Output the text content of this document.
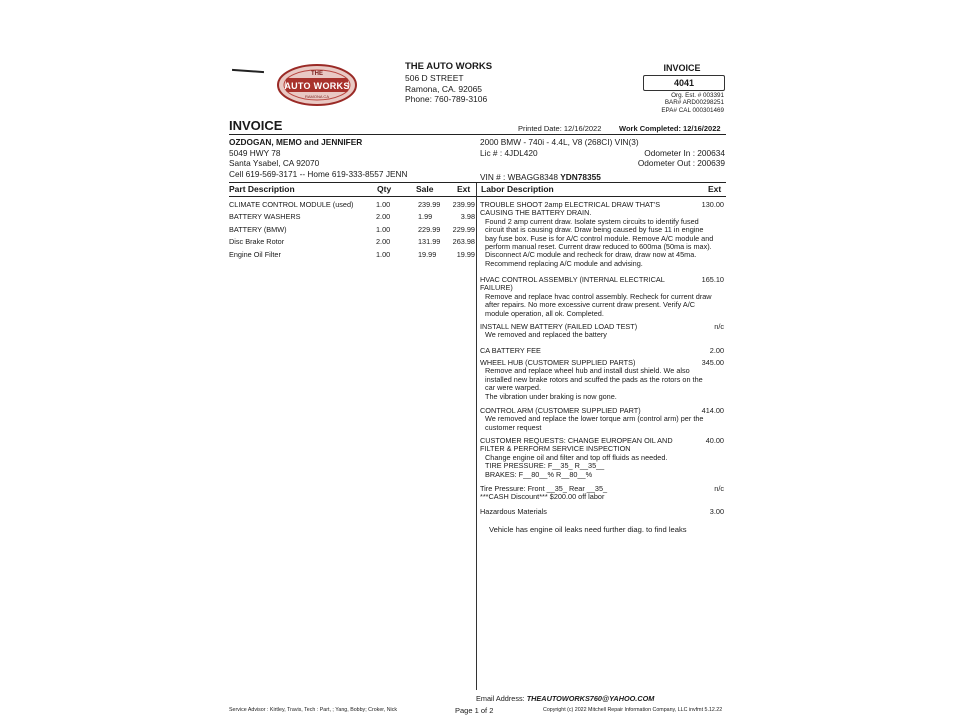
THE
AUTO WORKS
RAMONA CA
THE AUTO WORKS
506 D STREET
Ramona, CA. 92065
Phone: 760-789-3106
INVOICE
4041
Org. Est. # 003391
BAR# ARD00298251
EPA# CAL 000301469
INVOICE	Printed Date: 12/16/2022 Work Completed: 12/16/2022
OZDOGAN, MEMO and JENNIFER
5049 HWY 78
Santa Ysabel, CA 92070
Cell 619-569-3171 -- Home 619-333-8557 JENN
2000 BMW - 740i - 4.4L, V8 (268CI) VIN(3)
Lic # : 4JDL420	Odometer In : 200634
Odometer Out : 200639
VIN # : WBAGG8348 YDN78355
Part Description	Qty	Sale	Ext Labor Description	Ext
CLIMATE CONTROL MODULE (used)	1.00	239.99 239.99
BATTERY WASHERS	2.00	1.99	3.98
BATTERY (BMW)	1.00	229.99 229.99
Disc Brake Rotor	2.00	131.99 263.98
Engine Oil Filter	1.00	19.99	19.99
TROUBLE SHOOT 2amp ELECTRICAL DRAW THAT'S CAUSING THE BATTERY DRAIN.
130.00
Found 2 amp current draw. Isolate system circuits to identify fused circuit that is causing draw. Draw being caused by fuse 11 in engine bay fuse box. Fuse is for A/C control module. Remove A/C module and perform manual reset. Current draw reduced to 600ma (50ma is max). Disconnect A/C module and recheck for draw, draw now at 45ma. Recommend replacing A/C module and advising.
HVAC CONTROL ASSEMBLY (INTERNAL ELECTRICAL FAILURE)
165.10
Remove and replace hvac control assembly. Recheck for current draw after repairs. No more excessive current draw present. Verify A/C module operation, all ok. Completed.
INSTALL NEW BATTERY (FAILED LOAD TEST)	n/c
We removed and replaced the battery
CA BATTERY FEE	2.00
WHEEL HUB (CUSTOMER SUPPLIED PARTS)	345.00
Remove and replace wheel hub and install dust shield. We also installed new brake rotors and scuffed the pads as the rotors on the car were warped.
The vibration under braking is now gone.
CONTROL ARM (CUSTOMER SUPPLIED PART)	414.00
We removed and replace the lower torque arm (control arm) per the customer request
CUSTOMER REQUESTS: CHANGE EUROPEAN OIL AND FILTER & PERFORM SERVICE INSPECTION
40.00
Change engine oil and filter and top off fluids as needed.
TIRE PRESSURE: F__35_ R__35__
BRAKES: F__80__% R__80__%
Tire Pressure: Front __35_ Rear __35_	n/c
***CASH Discount*** $200.00 off labor
Hazardous Materials	3.00
Vehicle has engine oil leaks need further diag. to find leaks
Email Address: THEAUTOWORKS760@YAHOO.COM
Service Advisor : Kirtley, Travis, Tech : Part, ; Yang, Bobby; Croker, Nick	Page 1 of 2	Copyright (c) 2022 Mitchell Repair Information Company, LLC invfmt 5.12.22
